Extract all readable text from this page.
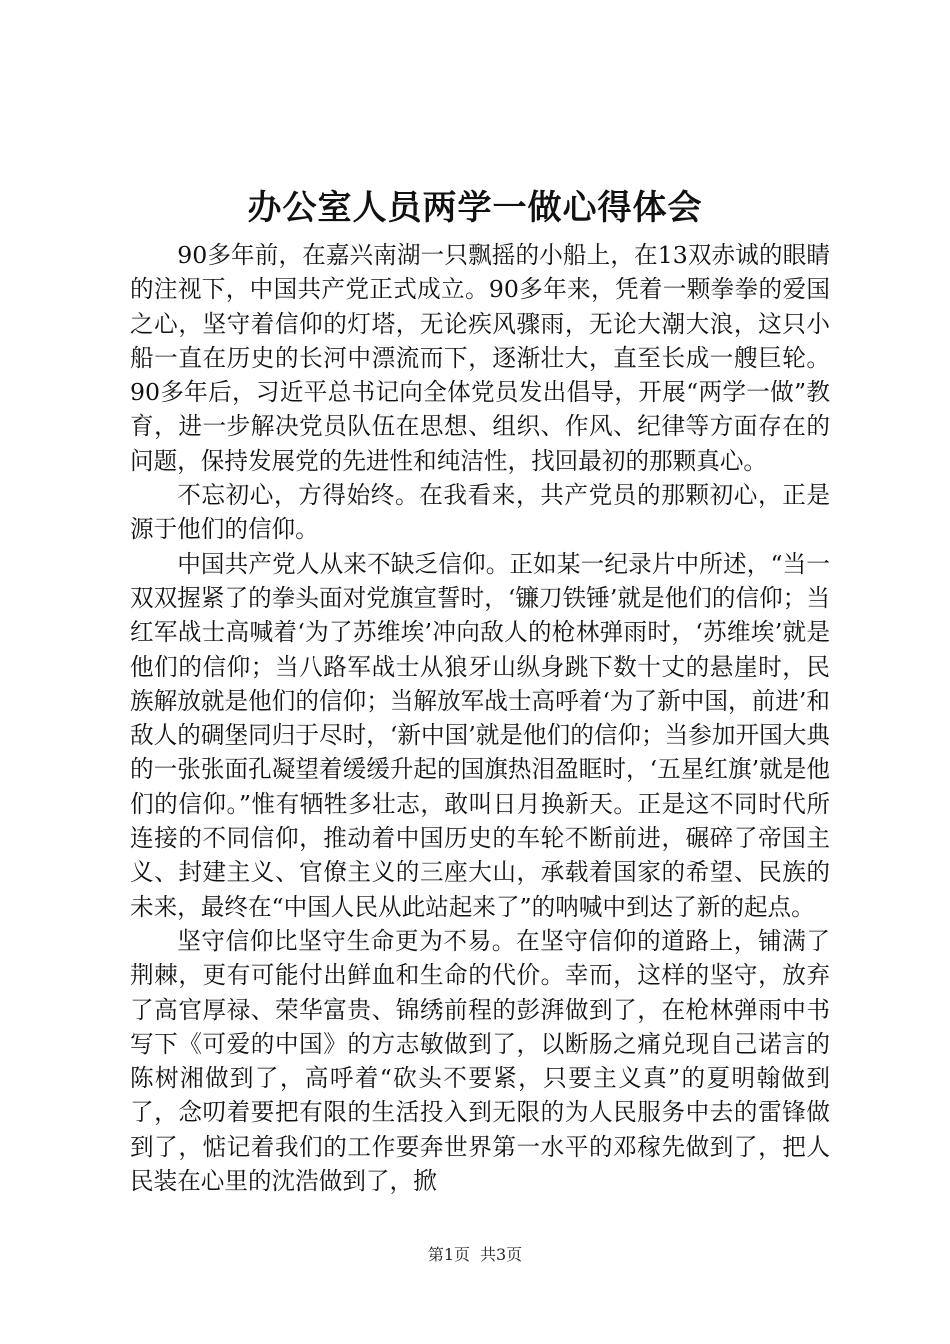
办公室人员两学一做心得体会

90多年前，在嘉兴南湖一只飘摇的小船上，在13双赤诚的眼睛的注视下，中国共产党正式成立。90多年来，凭着一颗拳拳的爱国之心，坚守着信仰的灯塔，无论疾风骤雨，无论大潮大浪，这只小船一直在历史的长河中漂流而下，逐渐壮大，直至长成一艘巨轮。90多年后，习近平总书记向全体党员发出倡导，开展“两学一做”教育，进一步解决党员队伍在思想、组织、作风、纪律等方面存在的问题，保持发展党的先进性和纯洁性，找回最初的那颗真心。

不忘初心，方得始终。在我看来，共产党员的那颗初心，正是源于他们的信仰。

中国共产党人从来不缺乏信仰。正如某一纪录片中所述，“当一双双握紧了的拳头面对党旗宣誓时，‘镰刀铁锤’就是他们的信仰；当红军战士高喊着‘为了苏维埃’冲向敌人的枪林弹雨时，‘苏维埃’就是他们的信仰；当八路军战士从狼牙山纵身跳下数十丈的悬崖时，民族解放就是他们的信仰；当解放军战士高呼着‘为了新中国，前进’和敌人的碉堡同归于尽时，‘新中国’就是他们的信仰；当参加开国大典的一张张面孔凝望着缓缓升起的国旗热泪盈眶时，‘五星红旗’就是他们的信仰。”惟有牺牲多壮志，敢叫日月换新天。正是这不同时代所连接的不同信仰，推动着中国历史的车轮不断前进，碾碎了帝国主义、封建主义、官僚主义的三座大山，承载着国家的希望、民族的未来，最终在“中国人民从此站起来了”的呐喊中到达了新的起点。

坚守信仰比坚守生命更为不易。在坚守信仰的道路上，铺满了荆棘，更有可能付出鲜血和生命的代价。幸而，这样的坚守，放弃了高官厚禄、荣华富贵、锦绣前程的彭湃做到了，在枪林弹雨中书写下《可爱的中国》的方志敏做到了，以断肠之痛兑现自己诺言的陈树湘做到了，高呼着“砍头不要紧，只要主义真”的夏明翰做到了，念叨着要把有限的生活投入到无限的为人民服务中去的雷锋做到了，惦记着我们的工作要奔世界第一水平的邓稼先做到了，把人民装在心里的沈浩做到了，掀

第1页 共3页
